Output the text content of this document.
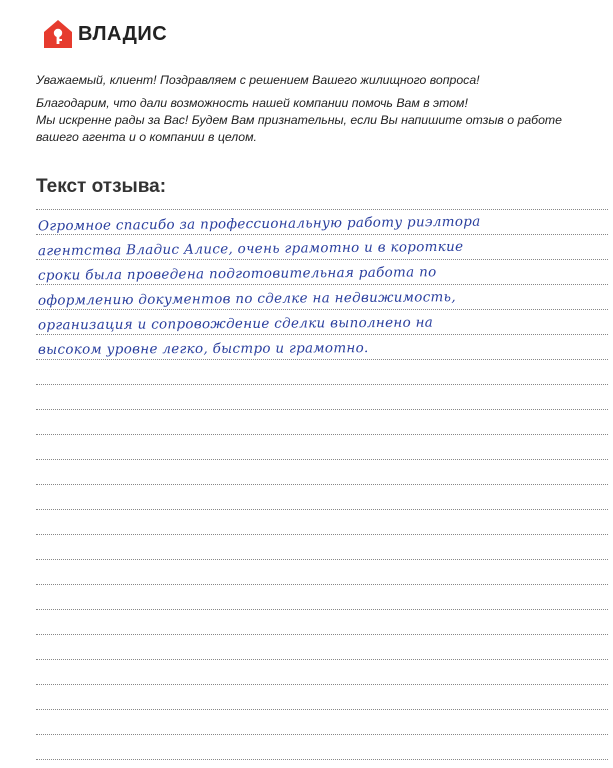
ВЛАДИС

Уважаемый, клиент! Поздравляем с решением Вашего жилищного вопроса!

Благодарим, что дали возможность нашей компании помочь Вам в этом!

Мы искренне рады за Вас! Будем Вам признательны, если Вы напишите отзыв о работе

вашего агента и о компании в целом.

Текст отзыва:
Огромное спасибо за профессиональную работу риэлтора
агентства Владис Алисе, очень грамотно и в короткие
сроки была проведена подготовительная работа по
оформлению документов по сделке на недвижимость,
организация и сопровождение сделки выполнено на
высоком уровне легко, быстро и грамотно.
